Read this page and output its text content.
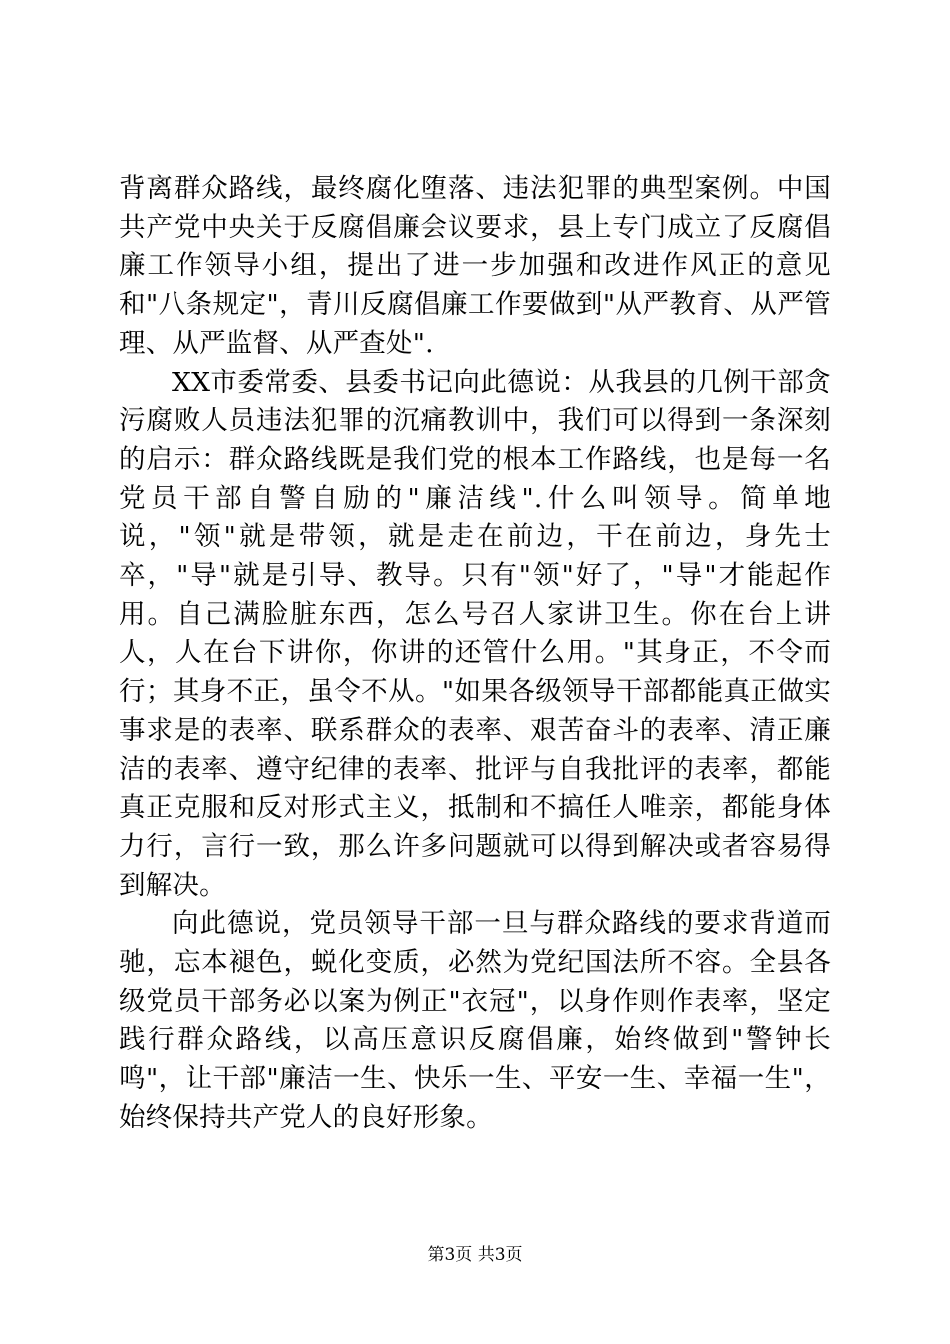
背离群众路线，最终腐化堕落、违法犯罪的典型案例。中国共产党中央关于反腐倡廉会议要求，县上专门成立了反腐倡廉工作领导小组，提出了进一步加强和改进作风正的意见和"八条规定"，青川反腐倡廉工作要做到"从严教育、从严管理、从严监督、从严查处".

XX市委常委、县委书记向此德说：从我县的几例干部贪污腐败人员违法犯罪的沉痛教训中，我们可以得到一条深刻的启示：群众路线既是我们党的根本工作路线，也是每一名党员干部自警自励的"廉洁线".什么叫领导。简单地说，"领"就是带领，就是走在前边，干在前边，身先士卒，"导"就是引导、教导。只有"领"好了，"导"才能起作用。自己满脸脏东西，怎么号召人家讲卫生。你在台上讲人，人在台下讲你，你讲的还管什么用。"其身正，不令而行；其身不正，虽令不从。"如果各级领导干部都能真正做实事求是的表率、联系群众的表率、艰苦奋斗的表率、清正廉洁的表率、遵守纪律的表率、批评与自我批评的表率，都能真正克服和反对形式主义，抵制和不搞任人唯亲，都能身体力行，言行一致，那么许多问题就可以得到解决或者容易得到解决。

向此德说，党员领导干部一旦与群众路线的要求背道而驰，忘本褪色，蜕化变质，必然为党纪国法所不容。全县各级党员干部务必以案为例正"衣冠"，以身作则作表率，坚定践行群众路线，以高压意识反腐倡廉，始终做到"警钟长鸣"，让干部"廉洁一生、快乐一生、平安一生、幸福一生"，始终保持共产党人的良好形象。

第3页 共3页
